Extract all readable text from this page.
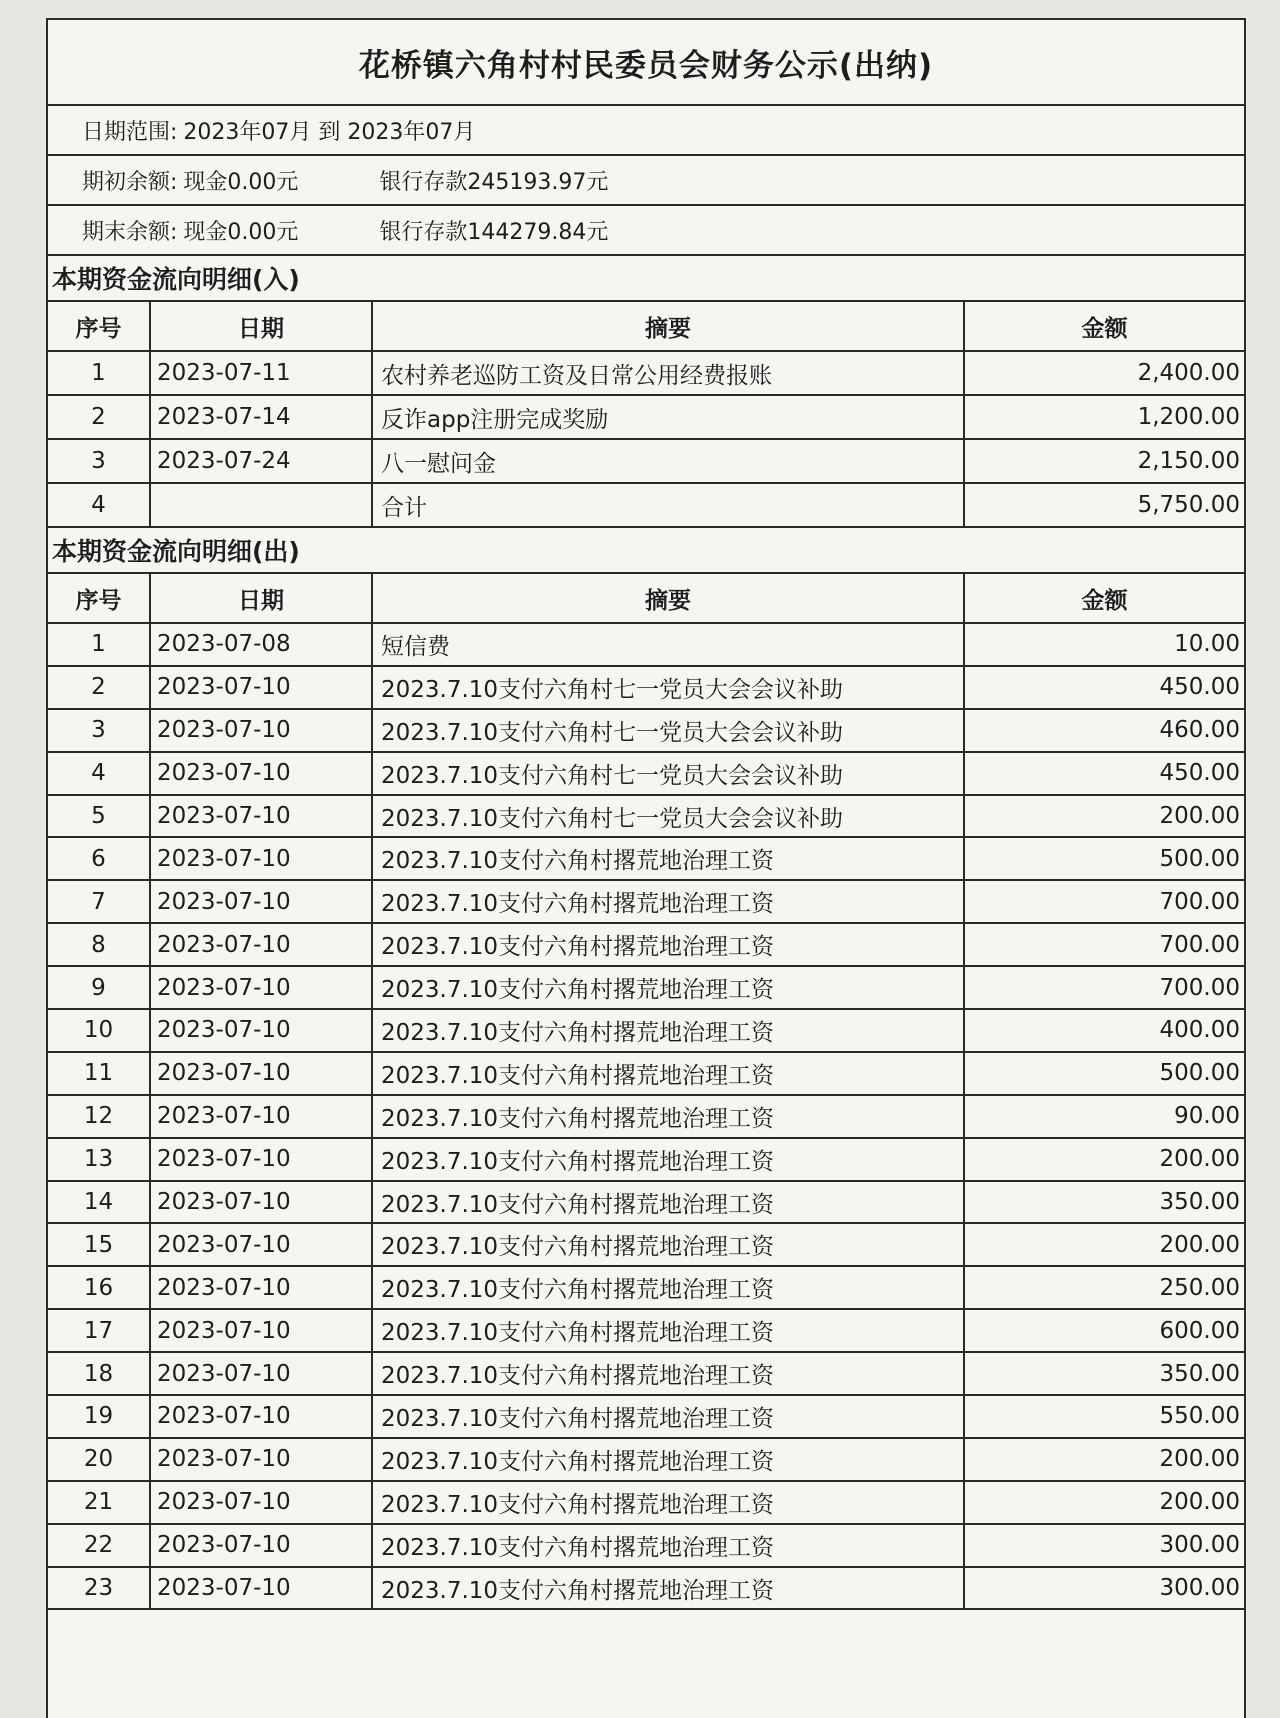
花桥镇六角村村民委员会财务公示(出纳)
日期范围: 2023年07月 到 2023年07月
期初余额: 现金0.00元	银行存款245193.97元
期末余额: 现金0.00元	银行存款144279.84元
本期资金流向明细(入)
序号	日期	摘要	金额
1	2023-07-11	农村养老巡防工资及日常公用经费报账	2,400.00
2	2023-07-14	反诈app注册完成奖励	1,200.00
3	2023-07-24	八一慰问金	2,150.00
4		合计	5,750.00
本期资金流向明细(出)
序号	日期	摘要	金额
1	2023-07-08	短信费	10.00
2	2023-07-10	2023.7.10支付六角村七一党员大会会议补助	450.00
3	2023-07-10	2023.7.10支付六角村七一党员大会会议补助	460.00
4	2023-07-10	2023.7.10支付六角村七一党员大会会议补助	450.00
5	2023-07-10	2023.7.10支付六角村七一党员大会会议补助	200.00
6	2023-07-10	2023.7.10支付六角村撂荒地治理工资	500.00
7	2023-07-10	2023.7.10支付六角村撂荒地治理工资	700.00
8	2023-07-10	2023.7.10支付六角村撂荒地治理工资	700.00
9	2023-07-10	2023.7.10支付六角村撂荒地治理工资	700.00
10	2023-07-10	2023.7.10支付六角村撂荒地治理工资	400.00
11	2023-07-10	2023.7.10支付六角村撂荒地治理工资	500.00
12	2023-07-10	2023.7.10支付六角村撂荒地治理工资	90.00
13	2023-07-10	2023.7.10支付六角村撂荒地治理工资	200.00
14	2023-07-10	2023.7.10支付六角村撂荒地治理工资	350.00
15	2023-07-10	2023.7.10支付六角村撂荒地治理工资	200.00
16	2023-07-10	2023.7.10支付六角村撂荒地治理工资	250.00
17	2023-07-10	2023.7.10支付六角村撂荒地治理工资	600.00
18	2023-07-10	2023.7.10支付六角村撂荒地治理工资	350.00
19	2023-07-10	2023.7.10支付六角村撂荒地治理工资	550.00
20	2023-07-10	2023.7.10支付六角村撂荒地治理工资	200.00
21	2023-07-10	2023.7.10支付六角村撂荒地治理工资	200.00
22	2023-07-10	2023.7.10支付六角村撂荒地治理工资	300.00
23	2023-07-10	2023.7.10支付六角村撂荒地治理工资	300.00
